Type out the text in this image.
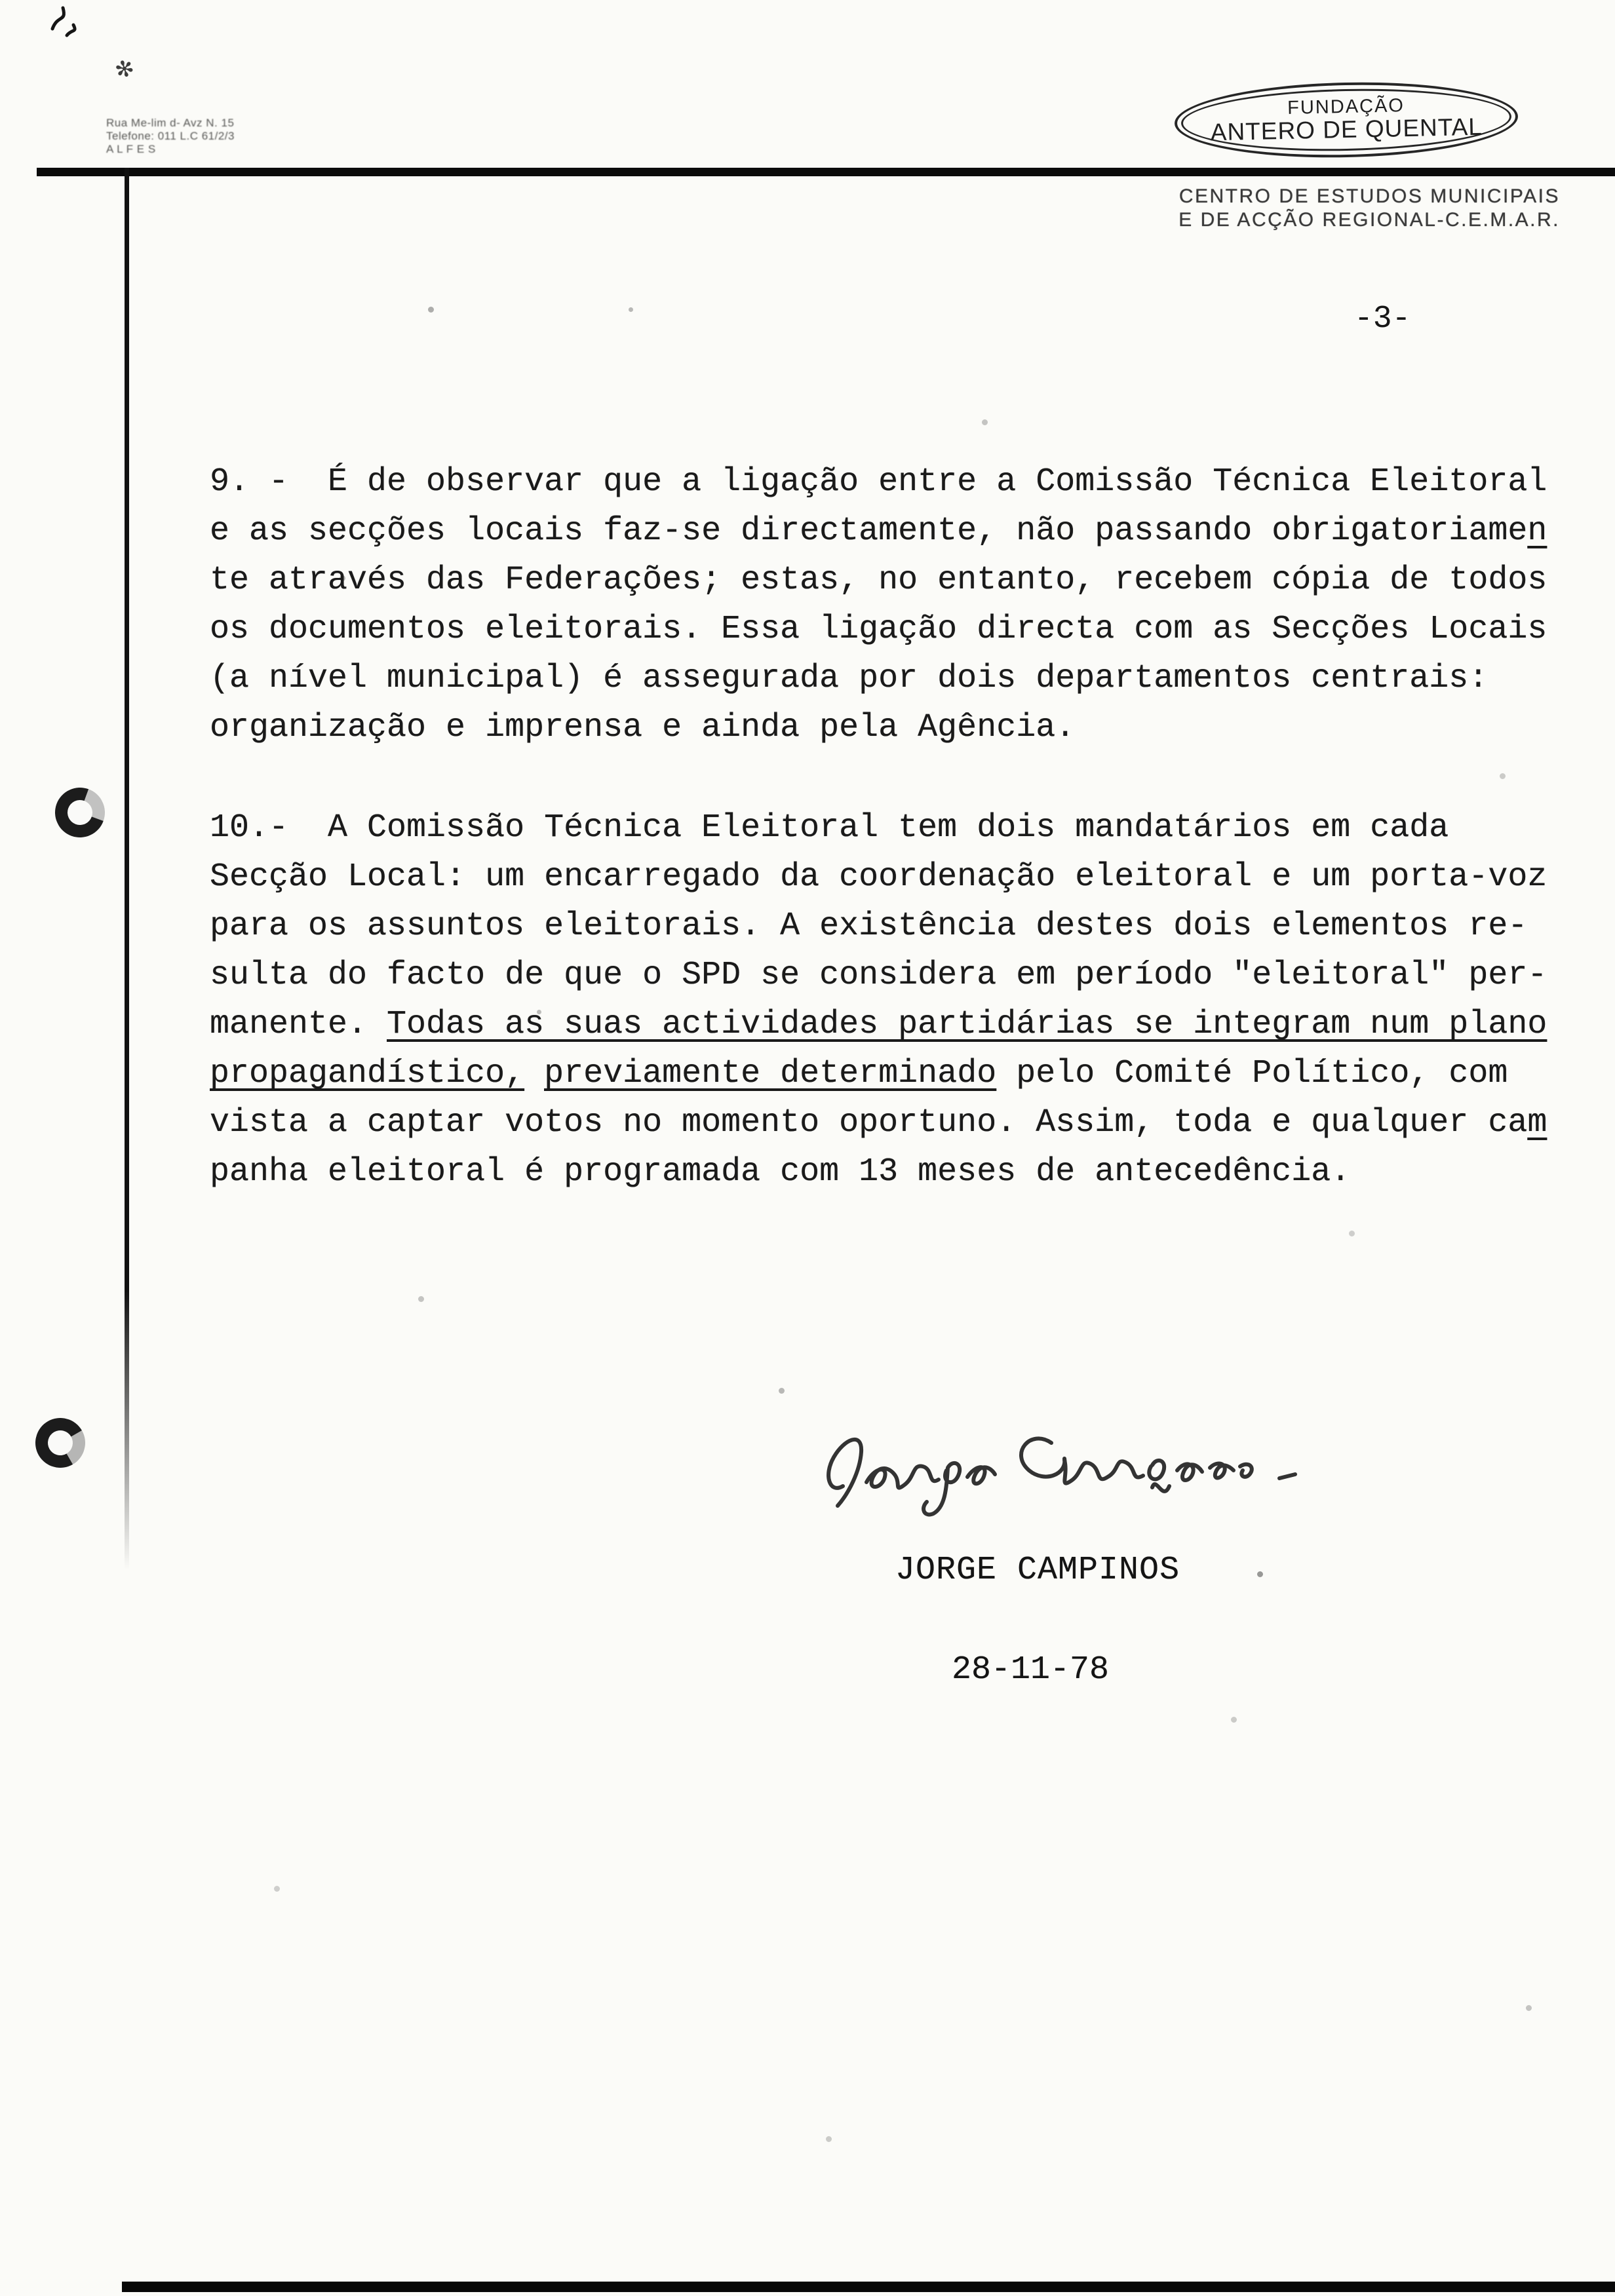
✻
Rua Me-lim d- Avz N. 15
Telefone: 011 L.C 61/2/3
A L F E S
FUNDAÇÃO
ANTERO DE QUENTAL
CENTRO DE ESTUDOS MUNICIPAIS
E DE ACÇÃO REGIONAL-C.E.M.A.R.
-3-
9. -  É de observar que a ligação entre a Comissão Técnica Eleitoral
e as secções locais faz-se directamente, não passando obrigatoriamen
te através das Federações; estas, no entanto, recebem cópia de todos
os documentos eleitorais. Essa ligação directa com as Secções Locais
(a nível municipal) é assegurada por dois departamentos centrais:
organização e imprensa e ainda pela Agência.
10.-  A Comissão Técnica Eleitoral tem dois mandatários em cada
Secção Local: um encarregado da coordenação eleitoral e um porta-voz
para os assuntos eleitorais. A existência destes dois elementos re-
sulta do facto de que o SPD se considera em período "eleitoral" per-
manente. Todas as suas actividades partidárias se integram num plano
propagandístico, previamente determinado pelo Comité Político, com
vista a captar votos no momento oportuno. Assim, toda e qualquer cam
panha eleitoral é programada com 13 meses de antecedência.
JORGE CAMPINOS
28-11-78
